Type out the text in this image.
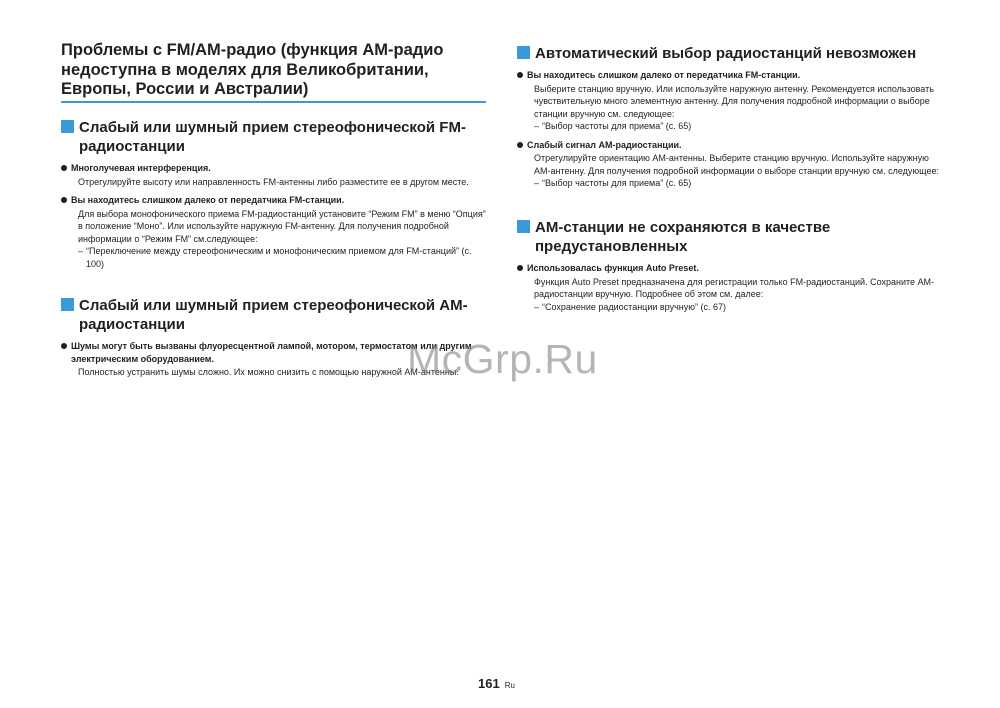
Проблемы с FM/AM-радио (функция AM-радио недоступна в моделях для Великобритании, Европы, России и Австралии)
Слабый или шумный прием стереофонической FM-радиостанции
Многолучевая интерференция.
Отрегулируйте высоту или направленность FM-антенны либо разместите ее в другом месте.
Вы находитесь слишком далеко от передатчика FM-станции.
Для выбора монофонического приема FM-радиостанций установите “Режим FM” в меню “Опция” в положение “Моно”. Или используйте наружную FM-антенну. Для получения подробной информации о “Режим FM” см.следующее:
– “Переключение между стереофоническим и монофоническим приемом для FM-станций” (с. 100)
Слабый или шумный прием стереофонической AM-радиостанции
Шумы могут быть вызваны флуоресцентной лампой, мотором, термостатом или другим электрическим оборудованием.
Полностью устранить шумы сложно. Их можно снизить с помощью наружной AM-антенны.
Автоматический выбор радиостанций невозможен
Вы находитесь слишком далеко от передатчика FM-станции.
Выберите станцию вручную. Или используйте наружную антенну. Рекомендуется использовать чувствительную много элементную антенну. Для получения подробной информации о выборе станции вручную см. следующее:
– “Выбор частоты для приема” (с. 65)
Слабый сигнал AM-радиостанции.
Отрегулируйте ориентацию AM-антенны. Выберите станцию вручную. Используйте наружную AM-антенну. Для получения подробной информации о выборе станции вручную см. следующее:
– “Выбор частоты для приема” (с. 65)
AM-станции не сохраняются в качестве предустановленных
Использовалась функция Auto Preset.
Функция Auto Preset предназначена для регистрации только FM-радиостанций. Сохраните AM-радиостанции вручную. Подробнее об этом см. далее:
– “Сохранение радиостанции вручную” (с. 67)
McGrp.Ru
161 Ru
